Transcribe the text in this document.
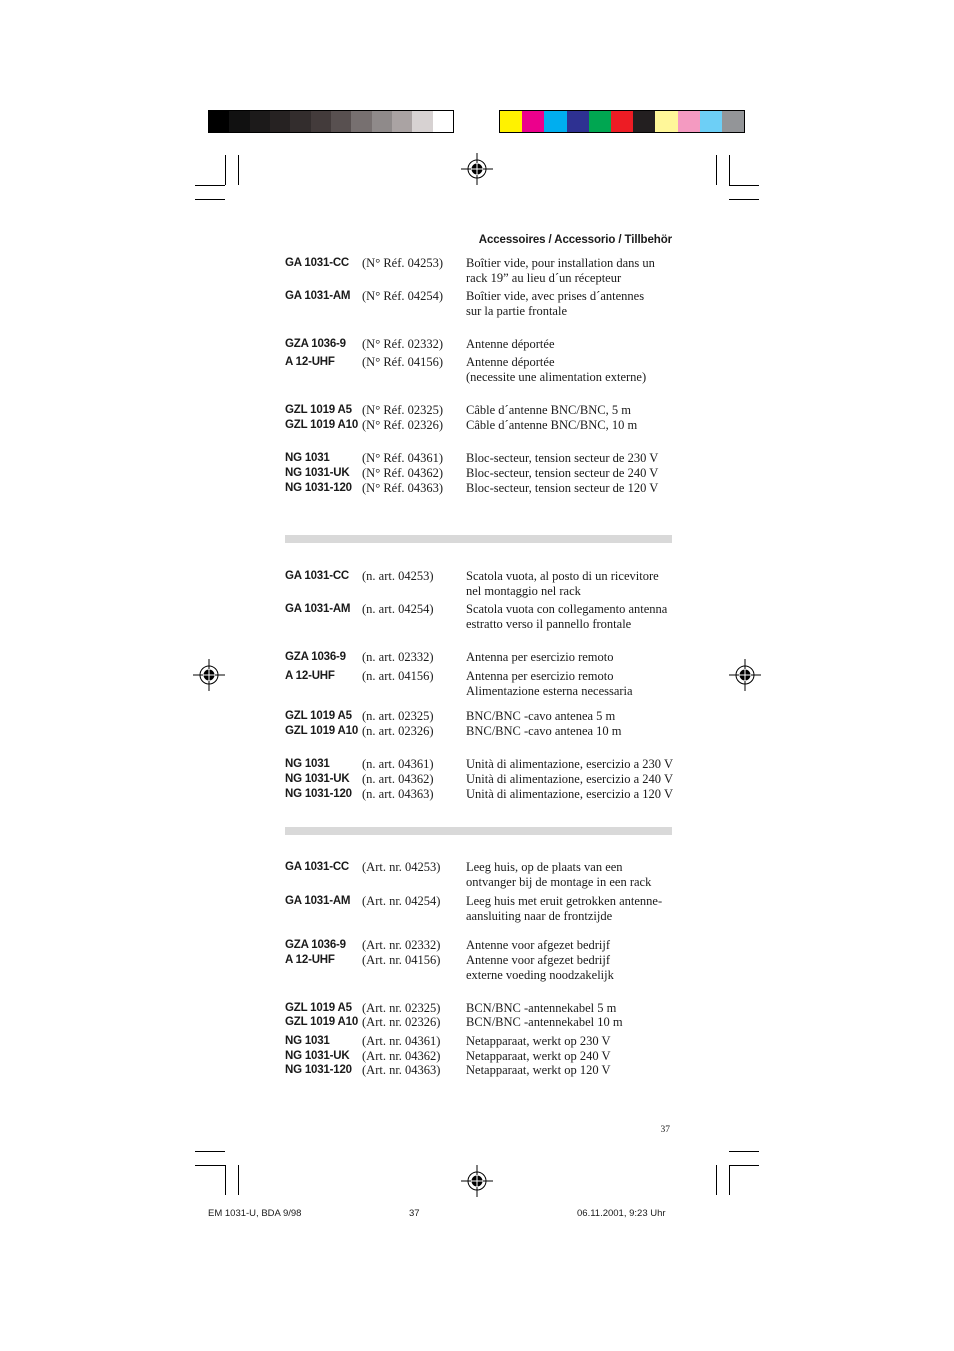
Accessoires / Accessorio / Tillbehör
GA 1031-CC	(N° Réf. 04253)	Boîtier vide, pour installation dans un
rack 19” au lieu d´un récepteur
GA 1031-AM (N° Réf. 04254)	Boîtier vide, avec prises d´antennes
sur la partie frontale
GZA 1036-9	(N° Réf. 02332)	Antenne déportée
A 12-UHF	(N° Réf. 04156)	Antenne déportée
(necessite une alimentation externe)
GZL 1019 A5 (N° Réf. 02325)	Câble d´antenne BNC/BNC, 5 m
GZL 1019 A10 (N° Réf. 02326)	Câble d´antenne BNC/BNC, 10 m
NG 1031	(N° Réf. 04361)	Bloc-secteur, tension secteur de 230 V
NG 1031-UK	(N° Réf. 04362)	Bloc-secteur, tension secteur de 240 V
NG 1031-120 (N° Réf. 04363)	Bloc-secteur, tension secteur de 120 V
GA 1031-CC	(n. art. 04253)	Scatola vuota, al posto di un ricevitore
nel montaggio nel rack
GA 1031-AM (n. art. 04254)	Scatola vuota con collegamento antenna
estratto verso il pannello frontale
GZA 1036-9	(n. art. 02332)	Antenna per esercizio remoto
A 12-UHF	(n. art. 04156)	Antenna per esercizio remoto
Alimentazione esterna necessaria
GZL 1019 A5 (n. art. 02325)	BNC/BNC -cavo antenea 5 m
GZL 1019 A10 (n. art. 02326)	BNC/BNC -cavo antenea 10 m
NG 1031	(n. art. 04361)	Unità di alimentazione, esercizio a 230 V
NG 1031-UK	(n. art. 04362)	Unità di alimentazione, esercizio a 240 V
NG 1031-120 (n. art. 04363)	Unità di alimentazione, esercizio a 120 V
GA 1031-CC	(Art. nr. 04253)	Leeg huis, op de plaats van een
ontvanger bij de montage in een rack
GA 1031-AM (Art. nr. 04254)	Leeg huis met eruit getrokken antenne-
aansluiting naar de frontzijde
GZA 1036-9	(Art. nr. 02332)	Antenne voor afgezet bedrijf
A 12-UHF	(Art. nr. 04156)	Antenne voor afgezet bedrijf
externe voeding noodzakelijk
GZL 1019 A5 (Art. nr. 02325)	BCN/BNC -antennekabel 5 m
GZL 1019 A10 (Art. nr. 02326)	BCN/BNC -antennekabel 10 m
NG 1031	(Art. nr. 04361)	Netapparaat, werkt op 230 V
NG 1031-UK	(Art. nr. 04362)	Netapparaat, werkt op 240 V
NG 1031-120 (Art. nr. 04363)	Netapparaat, werkt op 120 V
37
EM 1031-U, BDA 9/98	37	06.11.2001, 9:23 Uhr
